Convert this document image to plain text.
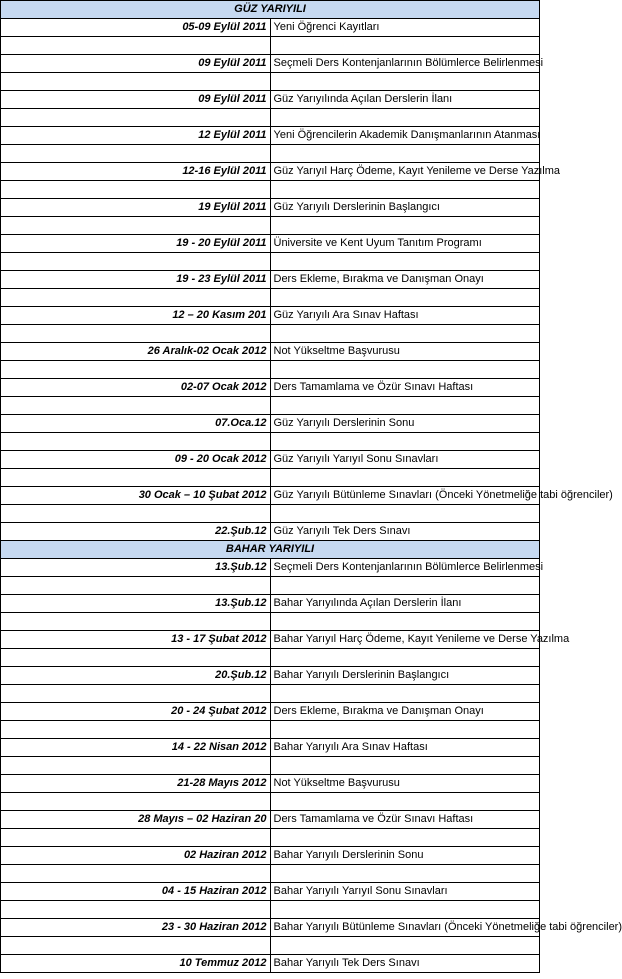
GÜZ YARIYILI	
05-09 Eylül 2011	Yeni Öğrenci Kayıtları

09 Eylül 2011	Seçmeli Ders Kontenjanlarının Bölümlerce Belirlenmesi

09 Eylül 2011	Güz Yarıyılında Açılan Derslerin İlanı

12 Eylül 2011	Yeni Öğrencilerin Akademik Danışmanlarının Atanması

12-16 Eylül 2011	Güz Yarıyıl Harç Ödeme, Kayıt Yenileme ve Derse Yazılma

19 Eylül 2011	Güz Yarıyılı Derslerinin Başlangıcı

19 - 20 Eylül 2011	Üniversite ve Kent Uyum Tanıtım Programı

19 - 23 Eylül 2011	Ders Ekleme, Bırakma ve Danışman Onayı

12 – 20 Kasım 201	Güz Yarıyılı Ara Sınav Haftası

26 Aralık-02 Ocak 2012	Not Yükseltme Başvurusu

02-07 Ocak 2012	Ders Tamamlama ve Özür Sınavı Haftası

07.Oca.12	Güz Yarıyılı Derslerinin Sonu

09 - 20 Ocak 2012	Güz Yarıyılı Yarıyıl Sonu Sınavları

30 Ocak – 10 Şubat 2012	Güz Yarıyılı Bütünleme Sınavları (Önceki Yönetmeliğe tabi öğrenciler)

22.Şub.12	Güz Yarıyılı Tek Ders Sınavı
BAHAR YARIYILI	
13.Şub.12	Seçmeli Ders Kontenjanlarının Bölümlerce Belirlenmesi

13.Şub.12	Bahar Yarıyılında Açılan Derslerin İlanı

13 - 17 Şubat 2012	Bahar Yarıyıl Harç Ödeme, Kayıt Yenileme ve Derse Yazılma

20.Şub.12	Bahar Yarıyılı Derslerinin Başlangıcı

20 - 24 Şubat 2012	Ders Ekleme, Bırakma ve Danışman Onayı

14 - 22 Nisan 2012	Bahar Yarıyılı Ara Sınav Haftası

21-28 Mayıs 2012	Not Yükseltme Başvurusu

28 Mayıs – 02 Haziran 20	Ders Tamamlama ve Özür Sınavı Haftası

02 Haziran 2012	Bahar Yarıyılı Derslerinin Sonu

04 - 15 Haziran 2012	Bahar Yarıyılı Yarıyıl Sonu Sınavları

23 - 30 Haziran 2012	Bahar Yarıyılı Bütünleme Sınavları (Önceki Yönetmeliğe tabi öğrenciler)

10 Temmuz 2012	Bahar Yarıyılı Tek Ders Sınavı
